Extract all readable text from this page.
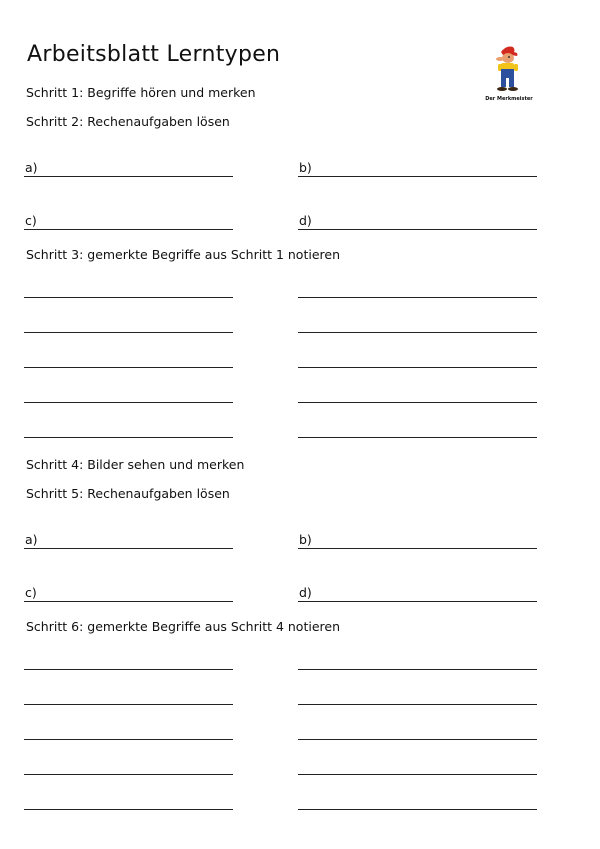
Arbeitsblatt Lerntypen
Der Merkmeister
Schritt 1: Begriffe hören und merken
Schritt 2: Rechenaufgaben lösen
a)	b)
c)	d)
Schritt 3: gemerkte Begriffe aus Schritt 1 notieren
Schritt 4: Bilder sehen und merken
Schritt 5: Rechenaufgaben lösen
a)	b)
c)	d)
Schritt 6: gemerkte Begriffe aus Schritt 4 notieren
